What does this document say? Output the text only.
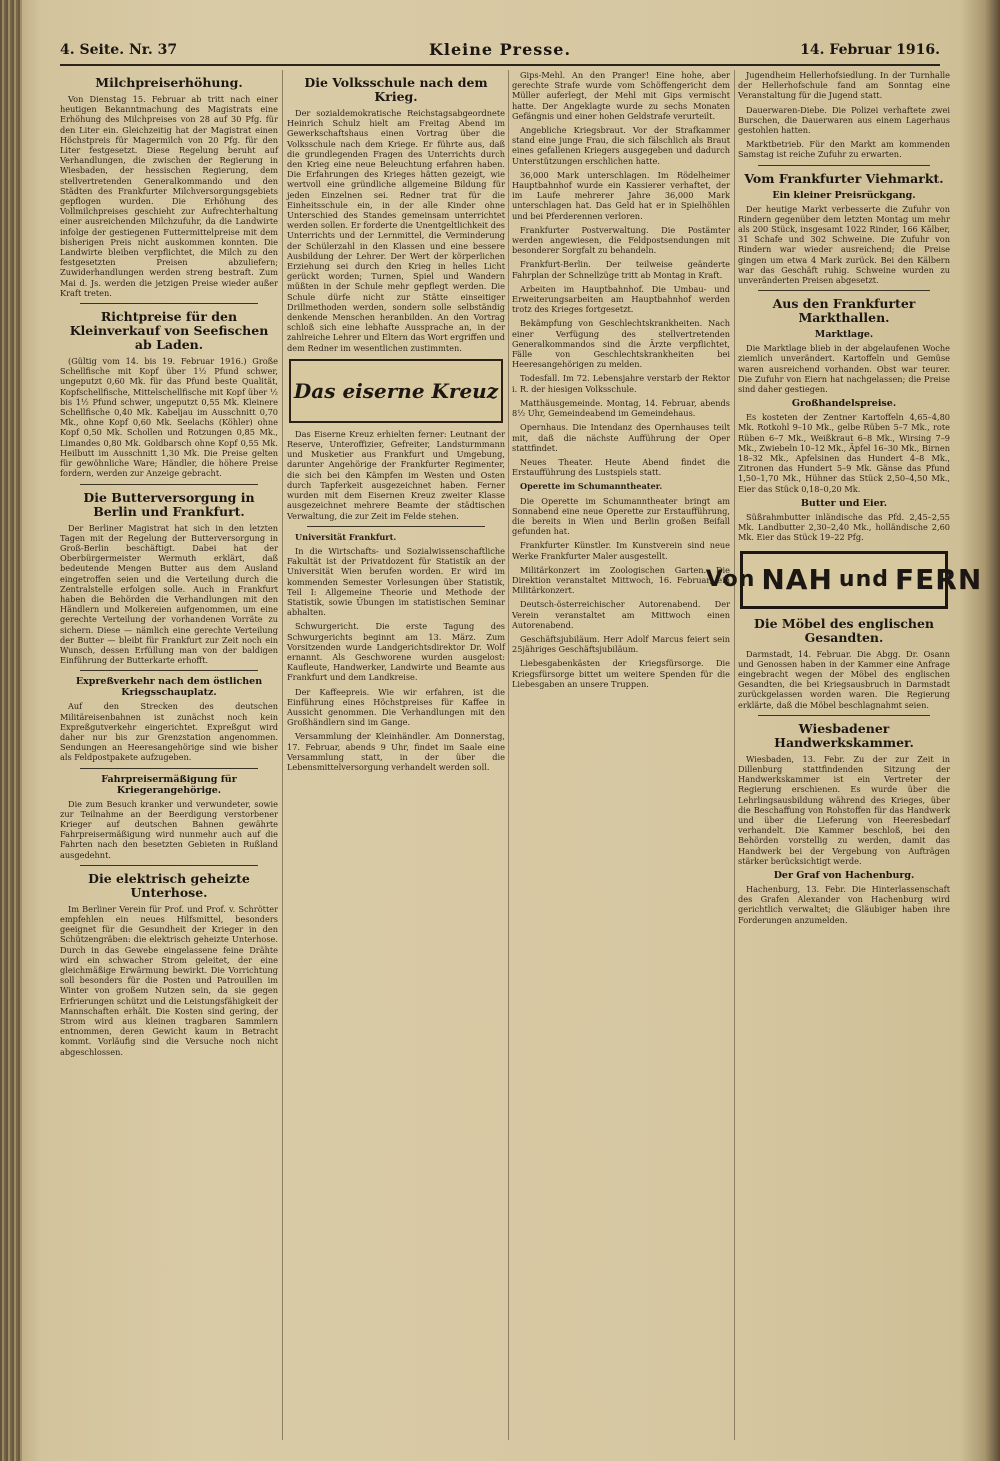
4. Seite. Nr. 37	Kleine Presse.	14. Februar 1916.
Milchpreiserhöhung.

Von Dienstag 15. Februar ab tritt nach einer heutigen Bekanntmachung des Magistrats eine Erhöhung des Milchpreises von 28 auf 30 Pfg. für den Liter ein. Gleichzeitig hat der Magistrat einen Höchstpreis für Magermilch von 20 Pfg. für den Liter festgesetzt. Diese Regelung beruht auf Verhandlungen, die zwischen der Regierung in Wiesbaden, der hessischen Regierung, dem stellvertretenden Generalkommando und den Städten des Frankfurter Milchversorgungsgebiets gepflogen wurden. Die Erhöhung des Vollmilchpreises geschieht zur Aufrechterhaltung einer ausreichenden Milchzufuhr, da die Landwirte infolge der gestiegenen Futtermittelpreise mit dem bisherigen Preis nicht auskommen konnten. Die Landwirte bleiben verpflichtet, die Milch zu den festgesetzten Preisen abzuliefern; Zuwiderhandlungen werden streng bestraft. Zum Mai d. Js. werden die jetzigen Preise wieder außer Kraft treten.

Richtpreise für den Kleinverkauf von Seefischen ab Laden.

(Gültig vom 14. bis 19. Februar 1916.) Große Schellfische mit Kopf über 1½ Pfund schwer, ungeputzt 0,60 Mk. für das Pfund beste Qualität, Kopfschellfische, Mittelschellfische mit Kopf über ½ bis 1½ Pfund schwer, ungeputzt 0,55 Mk. Kleinere Schellfische 0,40 Mk. Kabeljau im Ausschnitt 0,70 Mk., ohne Kopf 0,60 Mk. Seelachs (Köhler) ohne Kopf 0,50 Mk. Schollen und Rotzungen 0,85 Mk., Limandes 0,80 Mk. Goldbarsch ohne Kopf 0,55 Mk. Heilbutt im Ausschnitt 1,30 Mk. Die Preise gelten für gewöhnliche Ware; Händler, die höhere Preise fordern, werden zur Anzeige gebracht.

Die Butterversorgung in Berlin und Frankfurt.

Der Berliner Magistrat hat sich in den letzten Tagen mit der Regelung der Butterversorgung in Groß-Berlin beschäftigt. Dabei hat der Oberbürgermeister Wermuth erklärt, daß bedeutende Mengen Butter aus dem Ausland eingetroffen seien und die Verteilung durch die Zentralstelle erfolgen solle. Auch in Frankfurt haben die Behörden die Verhandlungen mit den Händlern und Molkereien aufgenommen, um eine gerechte Verteilung der vorhandenen Vorräte zu sichern. Diese — nämlich eine gerechte Verteilung der Butter — bleibt für Frankfurt zur Zeit noch ein Wunsch, dessen Erfüllung man von der baldigen Einführung der Butterkarte erhofft.

Expreßverkehr nach dem östlichen Kriegsschauplatz.

Auf den Strecken des deutschen Militäreisenbahnen ist zunächst noch kein Expreßgutverkehr eingerichtet. Expreßgut wird daher nur bis zur Grenzstation angenommen. Sendungen an Heeresangehörige sind wie bisher als Feldpostpakete aufzugeben.

Fahrpreisermäßigung für Kriegerangehörige.

Die zum Besuch kranker und verwundeter, sowie zur Teilnahme an der Beerdigung verstorbener Krieger auf deutschen Bahnen gewährte Fahrpreisermäßigung wird nunmehr auch auf die Fahrten nach den besetzten Gebieten in Rußland ausgedehnt.

Die elektrisch geheizte Unterhose.

Im Berliner Verein für Prof. und Prof. v. Schrötter empfehlen ein neues Hilfsmittel, besonders geeignet für die Gesundheit der Krieger in den Schützengräben: die elektrisch geheizte Unterhose. Durch in das Gewebe eingelassene feine Drähte wird ein schwacher Strom geleitet, der eine gleichmäßige Erwärmung bewirkt. Die Vorrichtung soll besonders für die Posten und Patrouillen im Winter von großem Nutzen sein, da sie gegen Erfrierungen schützt und die Leistungsfähigkeit der Mannschaften erhält. Die Kosten sind gering, der Strom wird aus kleinen tragbaren Sammlern entnommen, deren Gewicht kaum in Betracht kommt. Vorläufig sind die Versuche noch nicht abgeschlossen.

Die Volksschule nach dem Krieg.

Der sozialdemokratische Reichstagsabgeordnete Heinrich Schulz hielt am Freitag Abend im Gewerkschaftshaus einen Vortrag über die Volksschule nach dem Kriege. Er führte aus, daß die grundlegenden Fragen des Unterrichts durch den Krieg eine neue Beleuchtung erfahren haben. Die Erfahrungen des Krieges hätten gezeigt, wie wertvoll eine gründliche allgemeine Bildung für jeden Einzelnen sei. Redner trat für die Einheitsschule ein, in der alle Kinder ohne Unterschied des Standes gemeinsam unterrichtet werden sollen. Er forderte die Unentgeltlichkeit des Unterrichts und der Lernmittel, die Verminderung der Schülerzahl in den Klassen und eine bessere Ausbildung der Lehrer. Der Wert der körperlichen Erziehung sei durch den Krieg in helles Licht gerückt worden; Turnen, Spiel und Wandern müßten in der Schule mehr gepflegt werden. Die Schule dürfe nicht zur Stätte einseitiger Drillmethoden werden, sondern solle selbständig denkende Menschen heranbilden. An den Vortrag schloß sich eine lebhafte Aussprache an, in der zahlreiche Lehrer und Eltern das Wort ergriffen und dem Redner im wesentlichen zustimmten.

Das eiserne Kreuz

Das Eiserne Kreuz erhielten ferner: Leutnant der Reserve, Unteroffizier, Gefreiter, Landsturmmann und Musketier aus Frankfurt und Umgebung, darunter Angehörige der Frankfurter Regimenter, die sich bei den Kämpfen im Westen und Osten durch Tapferkeit ausgezeichnet haben. Ferner wurden mit dem Eisernen Kreuz zweiter Klasse ausgezeichnet mehrere Beamte der städtischen Verwaltung, die zur Zeit im Felde stehen.

Universität Frankfurt.

In die Wirtschafts- und Sozialwissenschaftliche Fakultät ist der Privatdozent für Statistik an der Universität Wien berufen worden. Er wird im kommenden Semester Vorlesungen über Statistik, Teil I: Allgemeine Theorie und Methode der Statistik, sowie Übungen im statistischen Seminar abhalten.

Schwurgericht. Die erste Tagung des Schwurgerichts beginnt am 13. März. Zum Vorsitzenden wurde Landgerichtsdirektor Dr. Wolf ernannt. Als Geschworene wurden ausgelost: Kaufleute, Handwerker, Landwirte und Beamte aus Frankfurt und dem Landkreise.

Der Kaffeepreis. Wie wir erfahren, ist die Einführung eines Höchstpreises für Kaffee in Aussicht genommen. Die Verhandlungen mit den Großhändlern sind im Gange.

Versammlung der Kleinhändler. Am Donnerstag, 17. Februar, abends 9 Uhr, findet im Saale eine Versammlung statt, in der über die Lebensmittelversorgung verhandelt werden soll.

Gips-Mehl. An den Pranger! Eine hohe, aber gerechte Strafe wurde vom Schöffengericht dem Müller auferlegt, der Mehl mit Gips vermischt hatte. Der Angeklagte wurde zu sechs Monaten Gefängnis und einer hohen Geldstrafe verurteilt.

Angebliche Kriegsbraut. Vor der Strafkammer stand eine junge Frau, die sich fälschlich als Braut eines gefallenen Kriegers ausgegeben und dadurch Unterstützungen erschlichen hatte.

36,000 Mark unterschlagen. Im Rödelheimer Hauptbahnhof wurde ein Kassierer verhaftet, der im Laufe mehrerer Jahre 36,000 Mark unterschlagen hat. Das Geld hat er in Spielhöhlen und bei Pferderennen verloren.

Frankfurter Postverwaltung. Die Postämter werden angewiesen, die Feldpostsendungen mit besonderer Sorgfalt zu behandeln.

Frankfurt-Berlin. Der teilweise geänderte Fahrplan der Schnellzüge tritt ab Montag in Kraft.

Arbeiten im Hauptbahnhof. Die Umbau- und Erweiterungsarbeiten am Hauptbahnhof werden trotz des Krieges fortgesetzt.

Bekämpfung von Geschlechtskrankheiten. Nach einer Verfügung des stellvertretenden Generalkommandos sind die Ärzte verpflichtet, Fälle von Geschlechtskrankheiten bei Heeresangehörigen zu melden.

Todesfall. Im 72. Lebensjahre verstarb der Rektor i. R. der hiesigen Volksschule.

Matthäusgemeinde. Montag, 14. Februar, abends 8½ Uhr, Gemeindeabend im Gemeindehaus.

Opernhaus. Die Intendanz des Opernhauses teilt mit, daß die nächste Aufführung der Oper stattfindet.

Neues Theater. Heute Abend findet die Erstaufführung des Lustspiels statt.

Operette im Schumanntheater.

Die Operette im Schumanntheater bringt am Sonnabend eine neue Operette zur Erstaufführung, die bereits in Wien und Berlin großen Beifall gefunden hat.

Frankfurter Künstler. Im Kunstverein sind neue Werke Frankfurter Maler ausgestellt.

Militärkonzert im Zoologischen Garten. Die Direktion veranstaltet Mittwoch, 16. Februar, ein Militärkonzert.

Deutsch-österreichischer Autorenabend. Der Verein veranstaltet am Mittwoch einen Autorenabend.

Geschäftsjubiläum. Herr Adolf Marcus feiert sein 25jähriges Geschäftsjubiläum.

Liebesgabenkästen der Kriegsfürsorge. Die Kriegsfürsorge bittet um weitere Spenden für die Liebesgaben an unsere Truppen.

Jugendheim Hellerhofsiedlung. In der Turnhalle der Hellerhofschule fand am Sonntag eine Veranstaltung für die Jugend statt.

Dauerwaren-Diebe. Die Polizei verhaftete zwei Burschen, die Dauerwaren aus einem Lagerhaus gestohlen hatten.

Marktbetrieb. Für den Markt am kommenden Samstag ist reiche Zufuhr zu erwarten.

Vom Frankfurter Viehmarkt.
Ein kleiner Preisrückgang.

Der heutige Markt verbesserte die Zufuhr von Rindern gegenüber dem letzten Montag um mehr als 200 Stück, insgesamt 1022 Rinder, 166 Kälber, 31 Schafe und 302 Schweine. Die Zufuhr von Rindern war wieder ausreichend; die Preise gingen um etwa 4 Mark zurück. Bei den Kälbern war das Geschäft ruhig. Schweine wurden zu unveränderten Preisen abgesetzt.

Aus den Frankfurter Markthallen.
Marktlage.

Die Marktlage blieb in der abgelaufenen Woche ziemlich unverändert. Kartoffeln und Gemüse waren ausreichend vorhanden. Obst war teurer. Die Zufuhr von Eiern hat nachgelassen; die Preise sind daher gestiegen.

Großhandelspreise.

Es kosteten der Zentner Kartoffeln 4,65–4,80 Mk. Rotkohl 9–10 Mk., gelbe Rüben 5–7 Mk., rote Rüben 6–7 Mk., Weißkraut 6–8 Mk., Wirsing 7–9 Mk., Zwiebeln 10–12 Mk., Äpfel 16–30 Mk., Birnen 18–32 Mk., Apfelsinen das Hundert 4–8 Mk., Zitronen das Hundert 5–9 Mk. Gänse das Pfund 1,50–1,70 Mk., Hühner das Stück 2,50–4,50 Mk., Eier das Stück 0,18–0,20 Mk.

Butter und Eier.

Süßrahmbutter inländische das Pfd. 2,45–2,55 Mk. Landbutter 2,30–2,40 Mk., holländische 2,60 Mk. Eier das Stück 19–22 Pfg.

Von NAH und FERN
Die Möbel des englischen Gesandten.

Darmstadt, 14. Februar. Die Abgg. Dr. Osann und Genossen haben in der Kammer eine Anfrage eingebracht wegen der Möbel des englischen Gesandten, die bei Kriegsausbruch in Darmstadt zurückgelassen worden waren. Die Regierung erklärte, daß die Möbel beschlagnahmt seien.

Wiesbadener Handwerkskammer.

Wiesbaden, 13. Febr. Zu der zur Zeit in Dillenburg stattfindenden Sitzung der Handwerkskammer ist ein Vertreter der Regierung erschienen. Es wurde über die Lehrlingsausbildung während des Krieges, über die Beschaffung von Rohstoffen für das Handwerk und über die Lieferung von Heeresbedarf verhandelt. Die Kammer beschloß, bei den Behörden vorstellig zu werden, damit das Handwerk bei der Vergebung von Aufträgen stärker berücksichtigt werde.

Der Graf von Hachenburg.

Hachenburg, 13. Febr. Die Hinterlassenschaft des Grafen Alexander von Hachenburg wird gerichtlich verwaltet; die Gläubiger haben ihre Forderungen anzumelden.
